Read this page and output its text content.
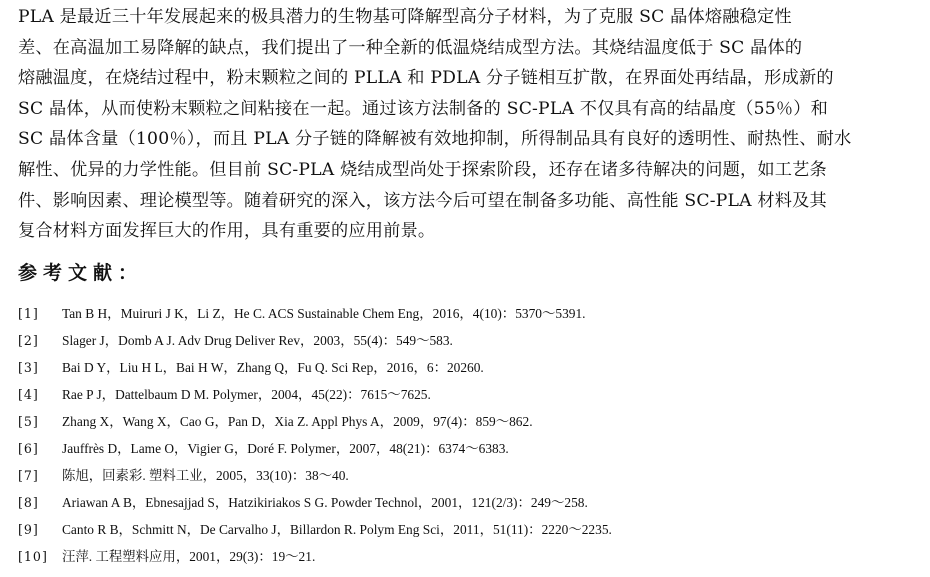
PLA 是最近三十年发展起来的极具潜力的生物基可降解型高分子材料，为了克服 SC 晶体熔融稳定性
差、在高温加工易降解的缺点，我们提出了一种全新的低温烧结成型方法。其烧结温度低于 SC 晶体的
熔融温度，在烧结过程中，粉末颗粒之间的 PLLA 和 PDLA 分子链相互扩散，在界面处再结晶，形成新的
SC 晶体，从而使粉末颗粒之间粘接在一起。通过该方法制备的 SC-PLA 不仅具有高的结晶度（55％）和
SC 晶体含量（100％），而且 PLA 分子链的降解被有效地抑制，所得制品具有良好的透明性、耐热性、耐水
解性、优异的力学性能。但目前 SC-PLA 烧结成型尚处于探索阶段，还存在诸多待解决的问题，如工艺条
件、影响因素、理论模型等。随着研究的深入，该方法今后可望在制备多功能、高性能 SC-PLA 材料及其
复合材料方面发挥巨大的作用，具有重要的应用前景。
参考文献：
[1]	Tan B H，Muiruri J K，Li Z，He C. ACS Sustainable Chem Eng，2016，4(10)：5370～5391.
[2]	Slager J，Domb A J. Adv Drug Deliver Rev，2003，55(4)：549～583.
[3]	Bai D Y，Liu H L，Bai H W，Zhang Q，Fu Q. Sci Rep，2016，6：20260.
[4]	Rae P J，Dattelbaum D M. Polymer，2004，45(22)：7615～7625.
[5]	Zhang X，Wang X，Cao G，Pan D，Xia Z. Appl Phys A，2009，97(4)：859～862.
[6]	Jauffrès D，Lame O，Vigier G，Doré F. Polymer，2007，48(21)：6374～6383.
[7]	陈旭，回素彩. 塑料工业，2005，33(10)：38～40.
[8]	Ariawan A B，Ebnesajjad S，Hatzikiriakos S G. Powder Technol，2001，121(2/3)：249～258.
[9]	Canto R B，Schmitt N，De Carvalho J，Billardon R. Polym Eng Sci，2011，51(11)：2220～2235.
[10]	汪萍. 工程塑料应用，2001，29(3)：19～21.
